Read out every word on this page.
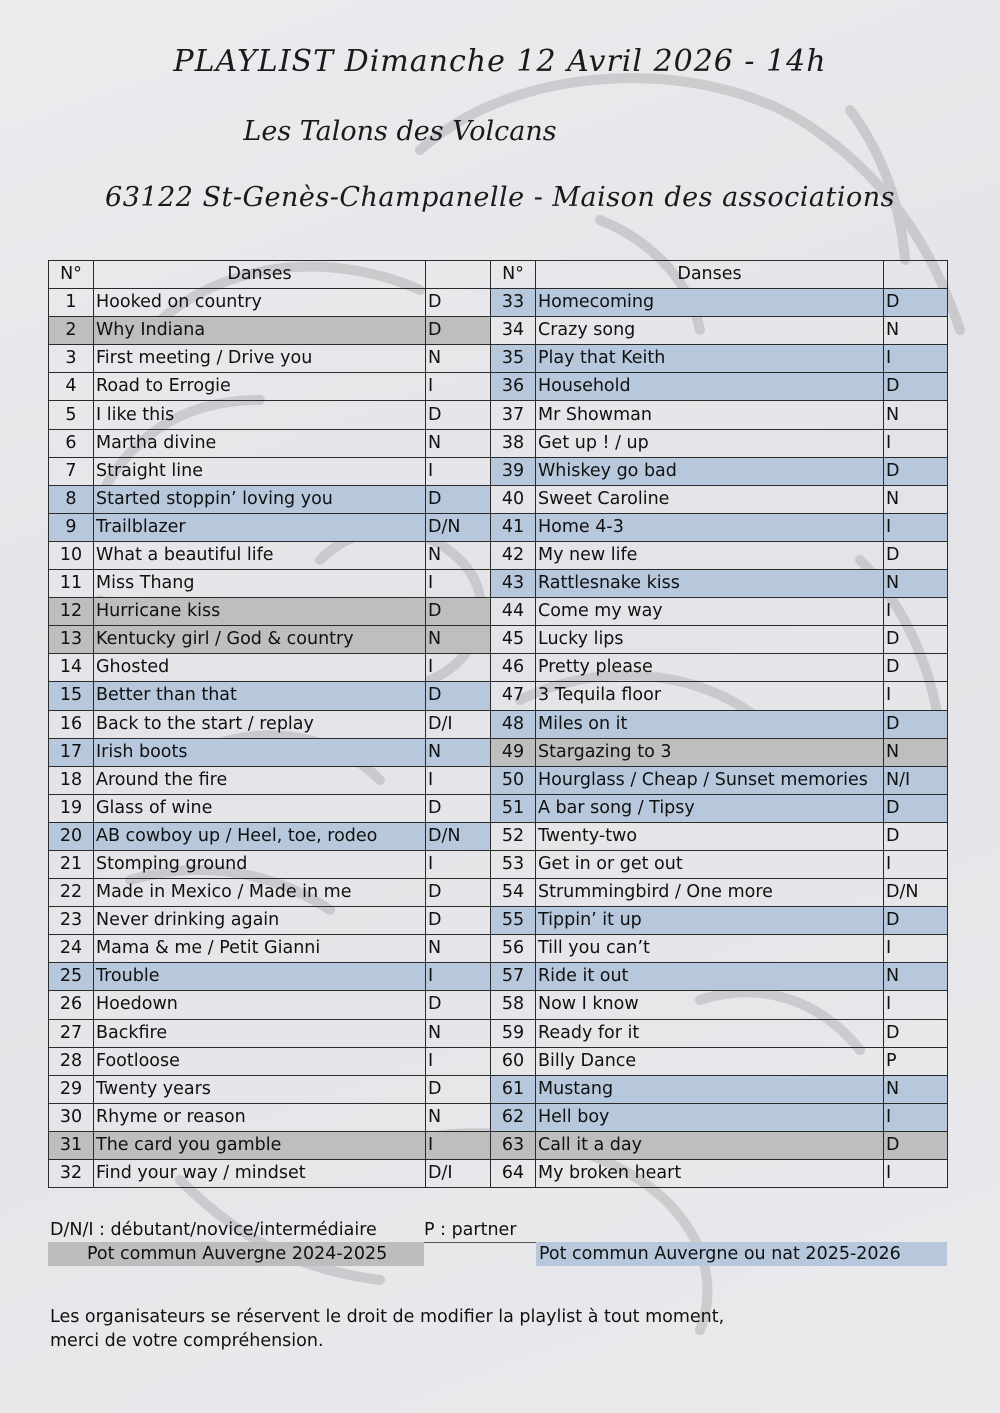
PLAYLIST Dimanche 12 Avril 2026 - 14h
Les Talons des Volcans
63122 St-Genès-Champanelle - Maison des associations
N°	Danses		N°	Danses	
1	Hooked on country	D	33	Homecoming	D
2	Why Indiana	D	34	Crazy song	N
3	First meeting / Drive you	N	35	Play that Keith	I
4	Road to Errogie	I	36	Household	D
5	I like this	D	37	Mr Showman	N
6	Martha divine	N	38	Get up ! / up	I
7	Straight line	I	39	Whiskey go bad	D
8	Started stoppin’ loving you	D	40	Sweet Caroline	N
9	Trailblazer	D/N	41	Home 4-3	I
10	What a beautiful life	N	42	My new life	D
11	Miss Thang	I	43	Rattlesnake kiss	N
12	Hurricane kiss	D	44	Come my way	I
13	Kentucky girl / God & country	N	45	Lucky lips	D
14	Ghosted	I	46	Pretty please	D
15	Better than that	D	47	3 Tequila floor	I
16	Back to the start / replay	D/I	48	Miles on it	D
17	Irish boots	N	49	Stargazing to 3	N
18	Around the fire	I	50	Hourglass / Cheap / Sunset memories	N/I
19	Glass of wine	D	51	A bar song / Tipsy	D
20	AB cowboy up / Heel, toe, rodeo	D/N	52	Twenty-two	D
21	Stomping ground	I	53	Get in or get out	I
22	Made in Mexico / Made in me	D	54	Strummingbird / One more	D/N
23	Never drinking again	D	55	Tippin’ it up	D
24	Mama & me / Petit Gianni	N	56	Till you can’t	I
25	Trouble	I	57	Ride it out	N
26	Hoedown	D	58	Now I know	I
27	Backfire	N	59	Ready for it	D
28	Footloose	I	60	Billy Dance	P
29	Twenty years	D	61	Mustang	N
30	Rhyme or reason	N	62	Hell boy	I
31	The card you gamble	I	63	Call it a day	D
32	Find your way / mindset	D/I	64	My broken heart	I
D/N/I : débutant/novice/intermédiaire	P : partner
Pot commun Auvergne 2024-2025	Pot commun Auvergne ou nat 2025-2026
Les organisateurs se réservent le droit de modifier la playlist à tout moment,
merci de votre compréhension.
